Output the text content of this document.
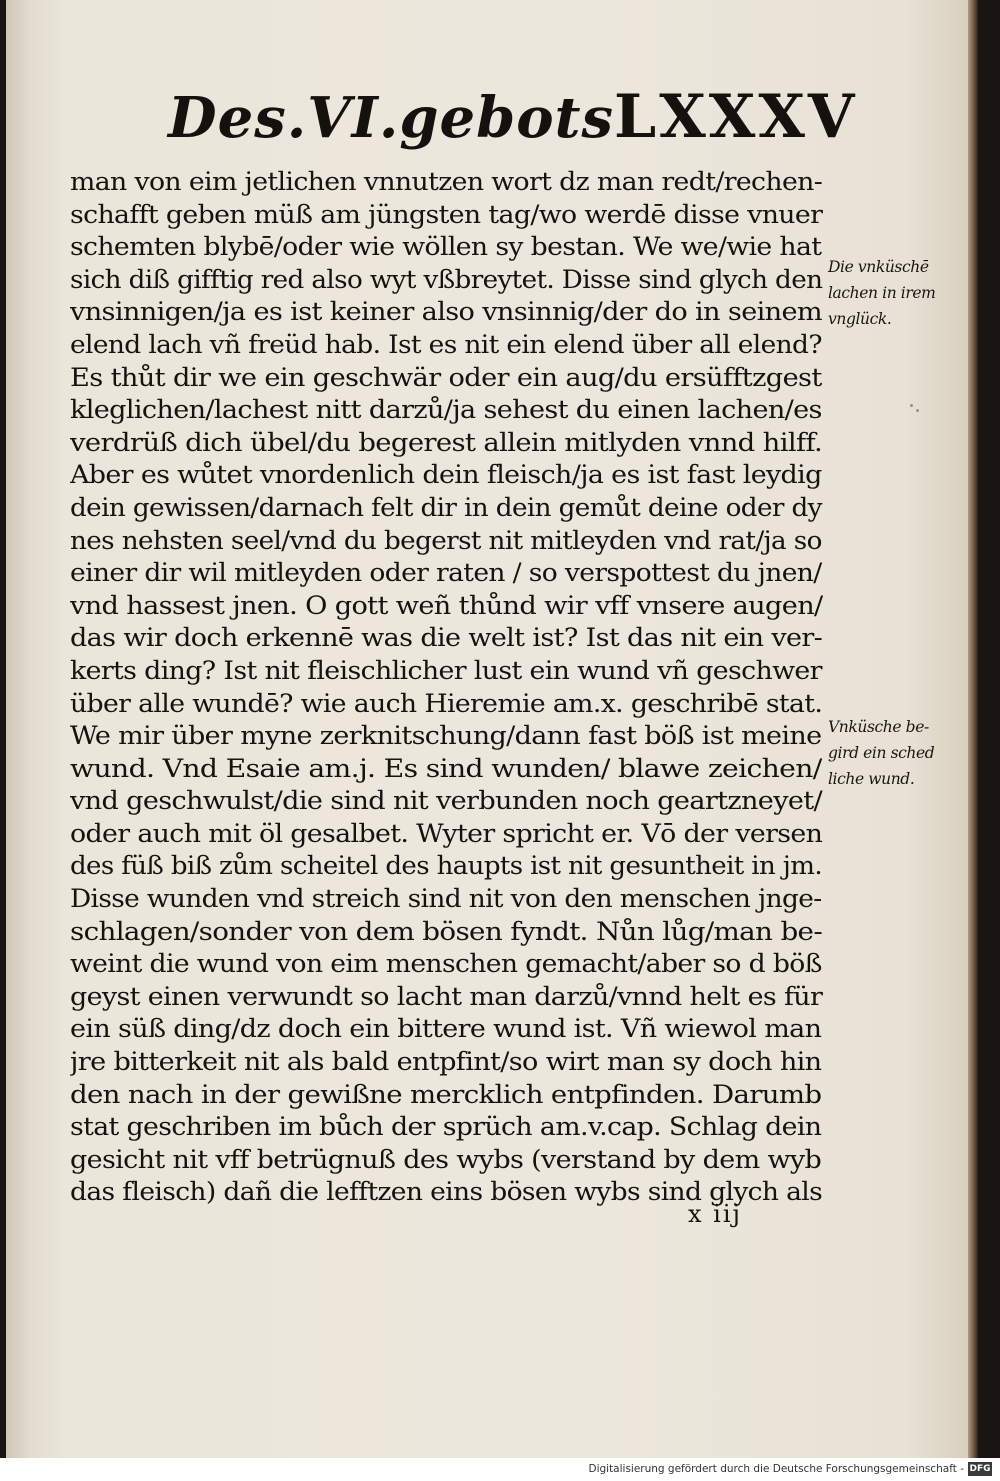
Des.VI.gebots LXXXV
man von eim jetlichen vnnutzen wort dz man redt/rechen-
schafft geben müß am jüngsten tag/wo werdē disse vnuer
schemten blybē/oder wie wöllen sy bestan. We we/wie hat
sich diß gifftig red also wyt vßbreytet. Disse sind glych den
vnsinnigen/ja es ist keiner also vnsinnig/der do in seinem
elend lach vñ freüd hab. Ist es nit ein elend über all elend?
Es thůt dir we ein geschwär oder ein aug/du ersüfftzgest
kleglichen/lachest nitt darzů/ja sehest du einen lachen/es
verdrüß dich übel/du begerest allein mitlyden vnnd hilff.
Aber es wůtet vnordenlich dein fleisch/ja es ist fast leydig
dein gewissen/darnach felt dir in dein gemůt deine oder dy
nes nehsten seel/vnd du begerst nit mitleyden vnd rat/ja so
einer dir wil mitleyden oder raten / so verspottest du jnen/
vnd hassest jnen. O gott weñ thůnd wir vff vnsere augen/
das wir doch erkennē was die welt ist? Ist das nit ein ver-
kerts ding? Ist nit fleischlicher lust ein wund vñ geschwer
über alle wundē? wie auch Hieremie am.x. geschribē stat.
We mir über myne zerknitschung/dann fast böß ist meine
wund. Vnd Esaie am.j. Es sind wunden/ blawe zeichen/
vnd geschwulst/die sind nit verbunden noch geartzneyet/
oder auch mit öl gesalbet. Wyter spricht er. Vō der versen
des füß biß zům scheitel des haupts ist nit gesuntheit in jm.
Disse wunden vnd streich sind nit von den menschen jnge-
schlagen/sonder von dem bösen fyndt. Nůn lůg/man be-
weint die wund von eim menschen gemacht/aber so d böß
geyst einen verwundt so lacht man darzů/vnnd helt es für
ein süß ding/dz doch ein bittere wund ist. Vñ wiewol man
jre bitterkeit nit als bald entpfint/so wirt man sy doch hin
den nach in der gewißne mercklich entpfinden. Darumb
stat geschriben im bůch der sprüch am.v.cap. Schlag dein
gesicht nit vff betrügnuß des wybs (verstand by dem wyb
das fleisch) dañ die lefftzen eins bösen wybs sind glych als
Die vnküschē
lachen in irem
vnglück.
Vnküsche be-
gird ein sched
liche wund.
x iij
Digitalisierung gefördert durch die Deutsche Forschungsgemeinschaft - DFG
